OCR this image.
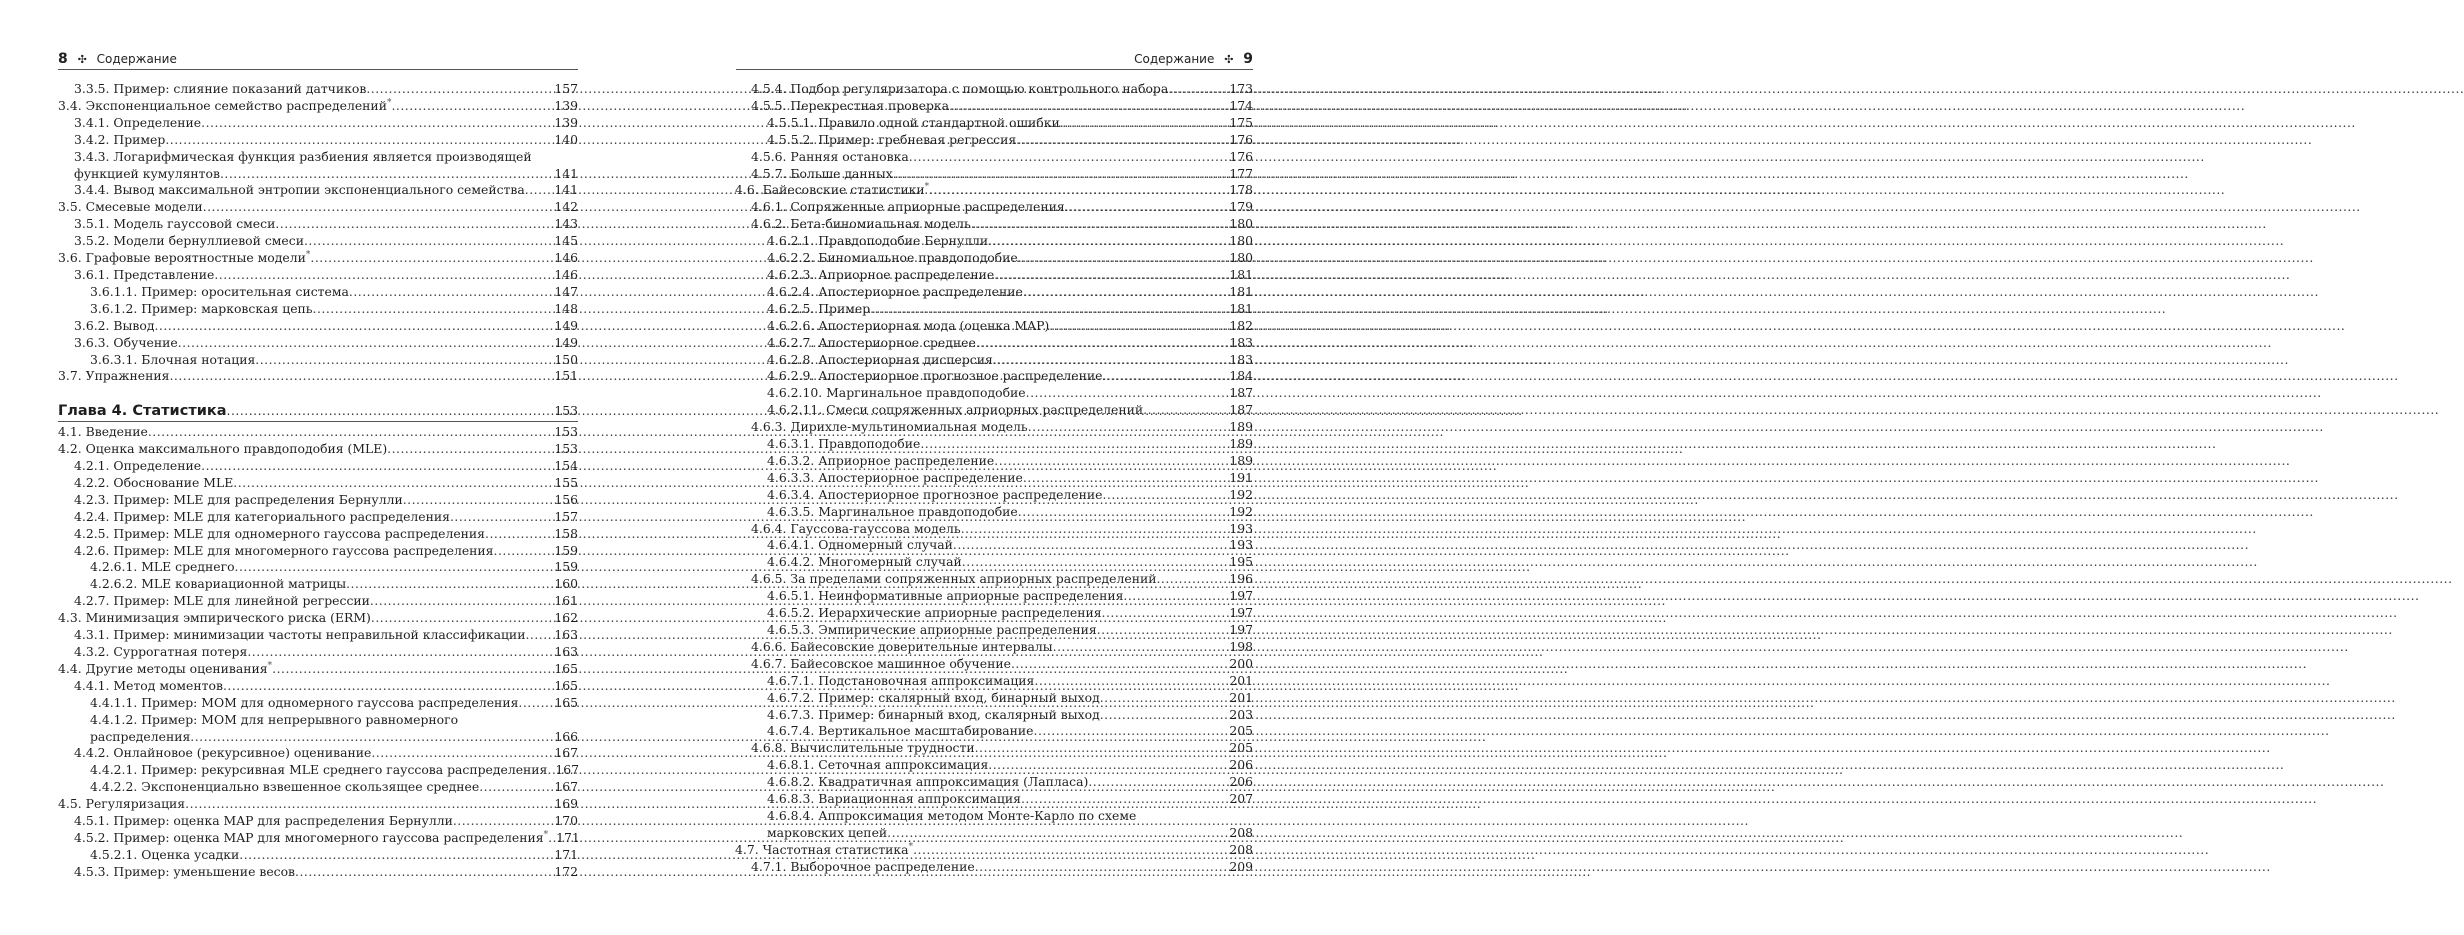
8 ✣ Содержание
3.3.5. Пример: слияние показаний датчиков .....	157
3.4. Экспоненциальное семейство распределений* .....	139
3.4.1. Определение .....	139
3.4.2. Пример .....	140
3.4.3. Логарифмическая функция разбиения является производящей
функцией кумулянтов .....	141
3.4.4. Вывод максимальной энтропии экспоненциального семейства ..... 141
3.5. Смесевые модели .....	142
3.5.1. Модель гауссовой смеси .....	143
3.5.2. Модели бернуллиевой смеси .....	145
3.6. Графовые вероятностные модели* .....	146
3.6.1. Представление .....	146
3.6.1.1. Пример: оросительная система .....	147
3.6.1.2. Пример: марковская цепь .....	148
3.6.2. Вывод .....	149
3.6.3. Обучение .....	149
3.6.3.1. Блочная нотация .....	150
3.7. Упражнения .....	151
Глава 4. Статистика .....	153
4.1. Введение .....	153
4.2. Оценка максимального правдоподобия (MLE) .....	153
4.2.1. Определение .....	154
4.2.2. Обоснование MLE .....	155
4.2.3. Пример: MLE для распределения Бернулли .....	156
4.2.4. Пример: MLE для категориального распределения .....	157
4.2.5. Пример: MLE для одномерного гауссова распределения .....	158
4.2.6. Пример: MLE для многомерного гауссова распределения .....	159
4.2.6.1. MLE среднего .....	159
4.2.6.2. MLE ковариационной матрицы .....	160
4.2.7. Пример: MLE для линейной регрессии .....	161
4.3. Минимизация эмпирического риска (ERM) .....	162
4.3.1. Пример: минимизации частоты неправильной классификации ..... 163
4.3.2. Суррогатная потеря .....	163
4.4. Другие методы оценивания* .....	165
4.4.1. Метод моментов .....	165
4.4.1.1. Пример: MOM для одномерного гауссова распределения .....	165
4.4.1.2. Пример: MOM для непрерывного равномерного
распределения .....	166
4.4.2. Онлайновое (рекурсивное) оценивание .....	167
4.4.2.1. Пример: рекурсивная MLE среднего гауссова распределения ..... 167
4.4.2.2. Экспоненциально взвешенное скользящее среднее .....	167
4.5. Регуляризация .....	169
4.5.1. Пример: оценка MAP для распределения Бернулли .....	170
4.5.2. Пример: оценка MAP для многомерного гауссова распределения* ..... 171
4.5.2.1. Оценка усадки .....	171
4.5.3. Пример: уменьшение весов .....	172
Содержание ✣ 9
4.5.4. Подбор регуляризатора с помощью контрольного набора .....	173
4.5.5. Перекрестная проверка .....	174
4.5.5.1. Правило одной стандартной ошибки .....	175
4.5.5.2. Пример: гребневая регрессия .....	176
4.5.6. Ранняя остановка .....	176
4.5.7. Больше данных .....	177
4.6. Байесовские статистики* .....	178
4.6.1. Сопряженные априорные распределения .....	179
4.6.2. Бета-биномиальная модель .....	180
4.6.2.1. Правдоподобие Бернулли .....	180
4.6.2.2. Биномиальное правдоподобие .....	180
4.6.2.3. Априорное распределение .....	181
4.6.2.4. Апостериорное распределение .....	181
4.6.2.5. Пример .....	181
4.6.2.6. Апостериорная мода (оценка MAP) .....	182
4.6.2.7. Апостериорное среднее .....	183
4.6.2.8. Апостериорная дисперсия .....	183
4.6.2.9. Апостериорное прогнозное распределение .....	184
4.6.2.10. Маргинальное правдоподобие .....	187
4.6.2.11. Смеси сопряженных априорных распределений .....	187
4.6.3. Дирихле-мультиномиальная модель .....	189
4.6.3.1. Правдоподобие .....	189
4.6.3.2. Априорное распределение .....	189
4.6.3.3. Апостериорное распределение .....	191
4.6.3.4. Апостериорное прогнозное распределение .....	192
4.6.3.5. Маргинальное правдоподобие .....	192
4.6.4. Гауссова-гауссова модель .....	193
4.6.4.1. Одномерный случай .....	193
4.6.4.2. Многомерный случай .....	195
4.6.5. За пределами сопряженных априорных распределений .....	196
4.6.5.1. Неинформативные априорные распределения .....	197
4.6.5.2. Иерархические априорные распределения .....	197
4.6.5.3. Эмпирические априорные распределения .....	197
4.6.6. Байесовские доверительные интервалы .....	198
4.6.7. Байесовское машинное обучение .....	200
4.6.7.1. Подстановочная аппроксимация .....	201
4.6.7.2. Пример: скалярный вход, бинарный выход .....	201
4.6.7.3. Пример: бинарный вход, скалярный выход .....	203
4.6.7.4. Вертикальное масштабирование .....	205
4.6.8. Вычислительные трудности .....	205
4.6.8.1. Сеточная аппроксимация .....	206
4.6.8.2. Квадратичная аппроксимация (Лапласа) .....	206
4.6.8.3. Вариационная аппроксимация .....	207
4.6.8.4. Аппроксимация методом Монте-Карло по схеме
марковских цепей .....	208
4.7. Частотная статистика* .....	208
4.7.1. Выборочное распределение .....	209
